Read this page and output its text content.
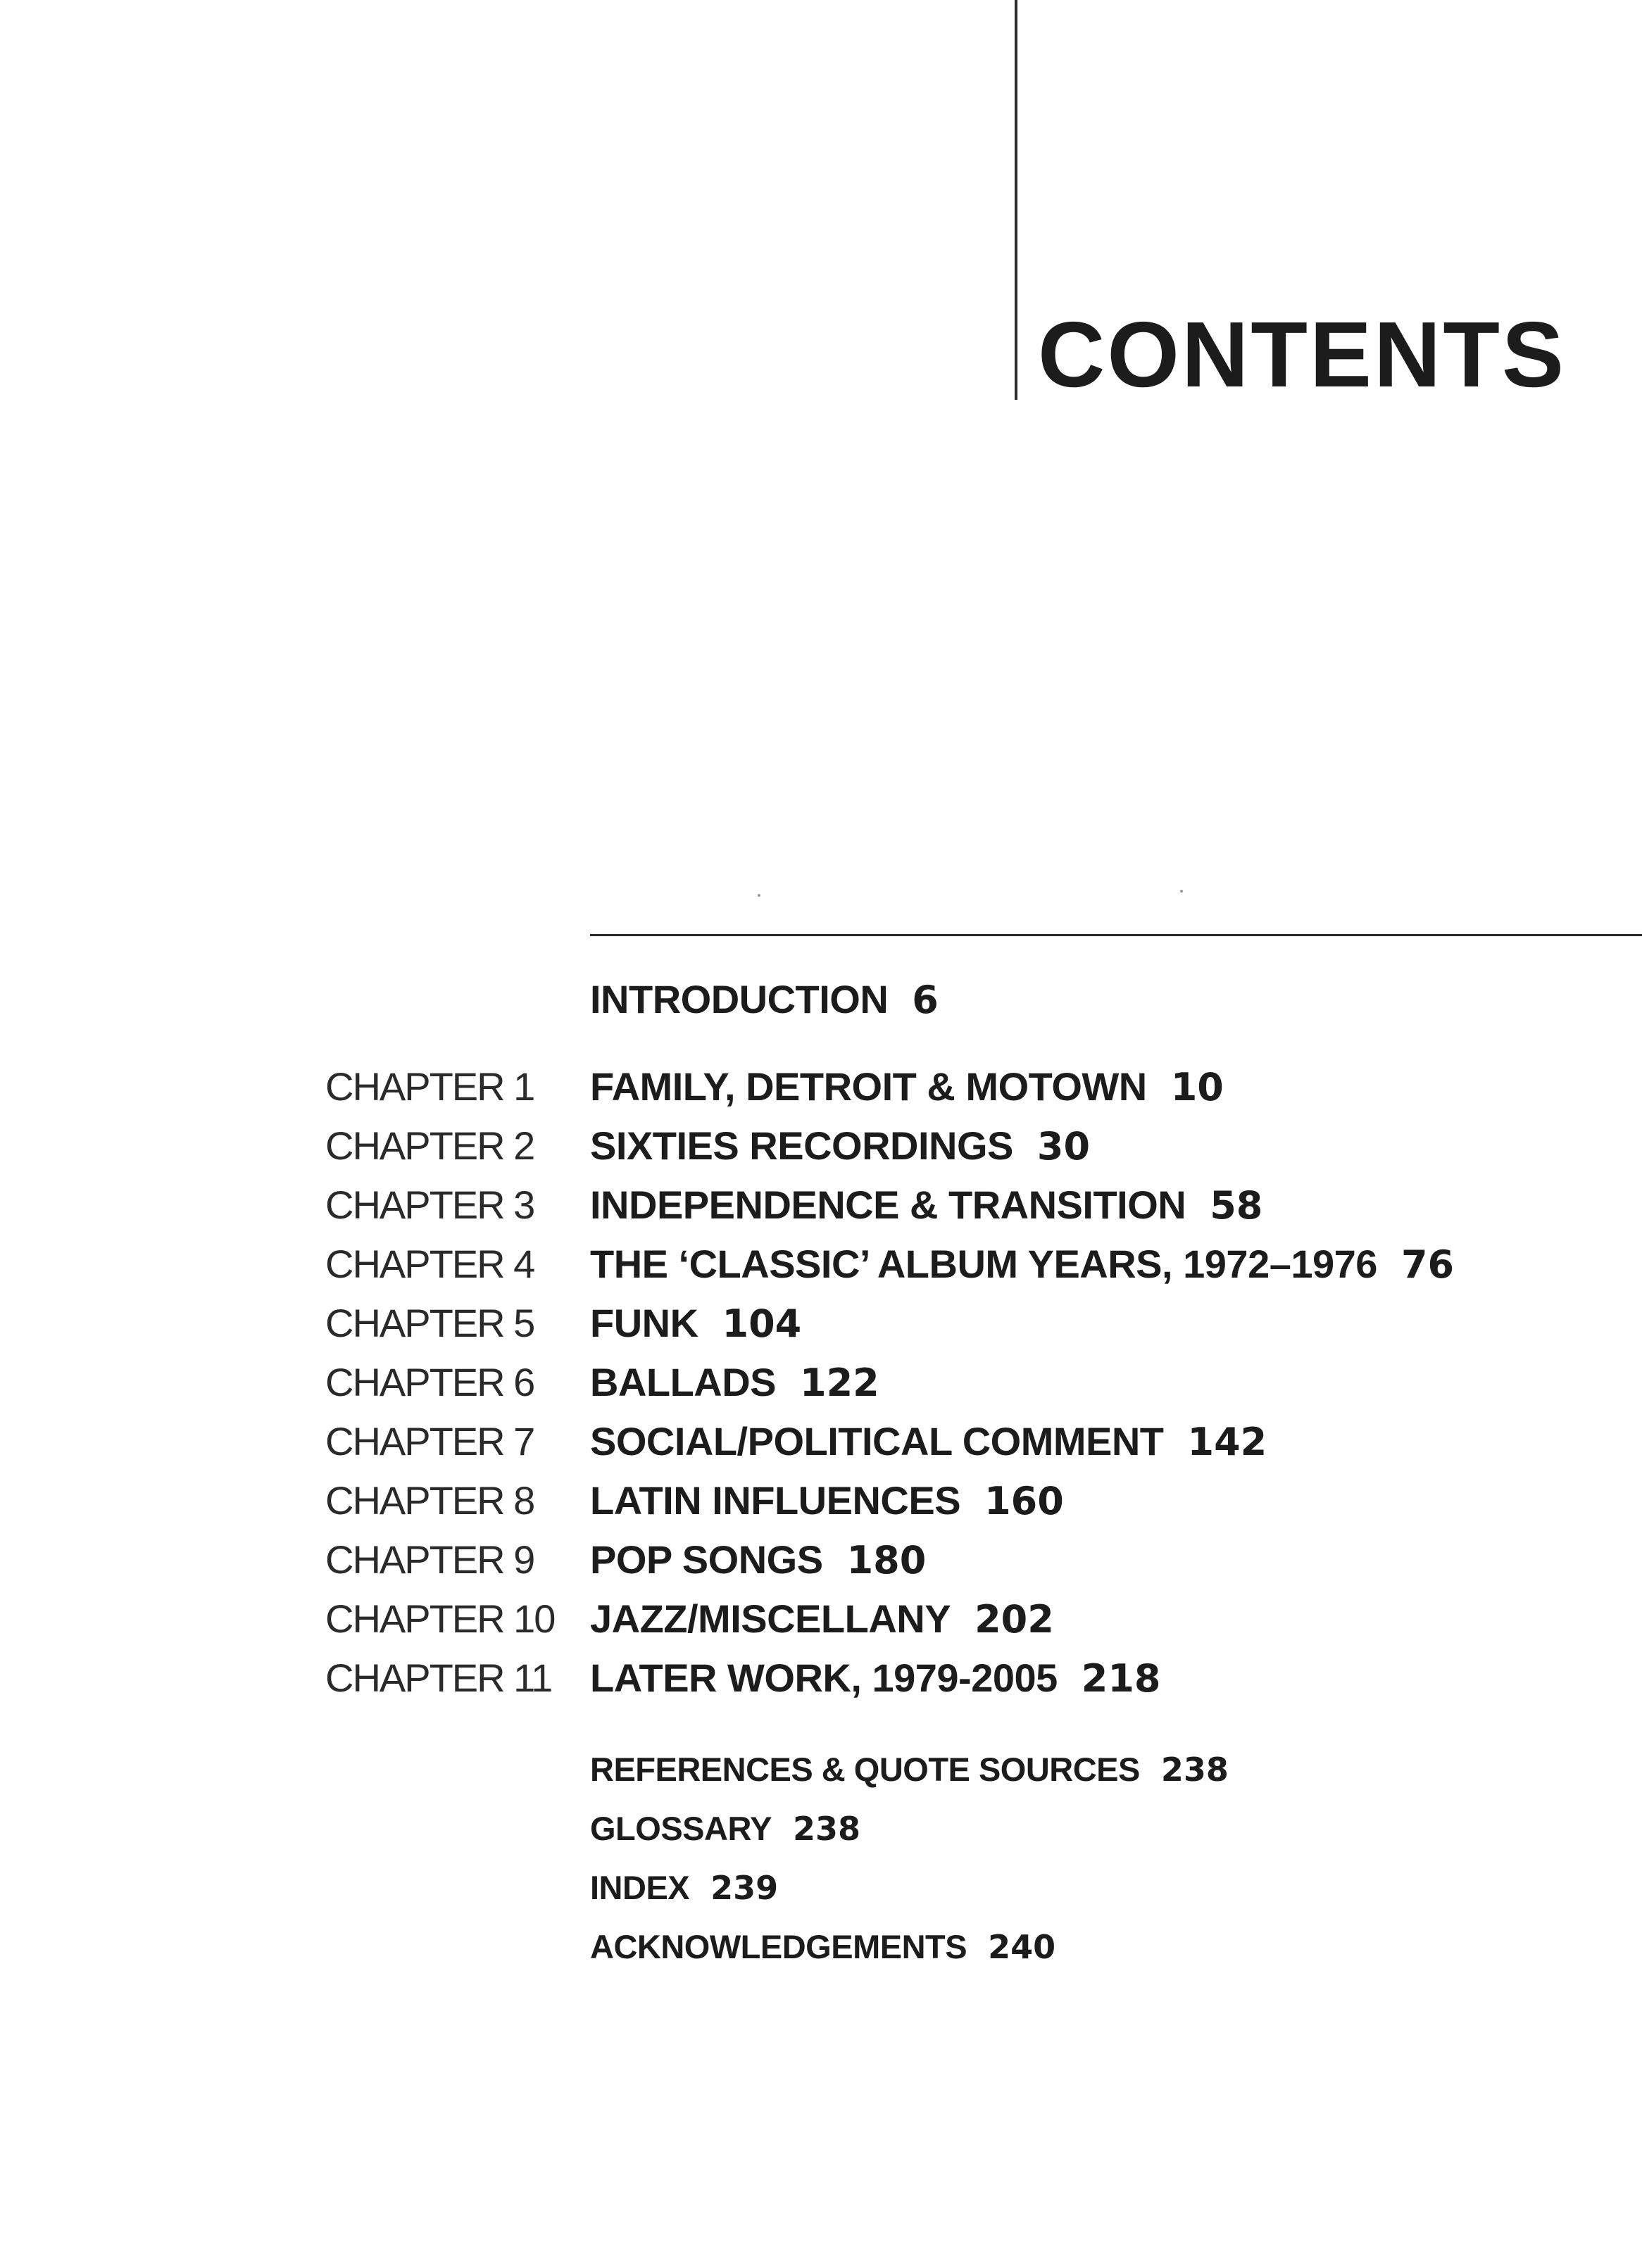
CONTENTS
INTRODUCTION 6
CHAPTER 1 FAMILY, DETROIT & MOTOWN 10
CHAPTER 2 SIXTIES RECORDINGS 30
CHAPTER 3 INDEPENDENCE & TRANSITION 58
CHAPTER 4 THE ‘CLASSIC’ ALBUM YEARS, 1972–1976 76
CHAPTER 5 FUNK 104
CHAPTER 6 BALLADS 122
CHAPTER 7 SOCIAL/POLITICAL COMMENT 142
CHAPTER 8 LATIN INFLUENCES 160
CHAPTER 9 POP SONGS 180
CHAPTER 10 JAZZ/MISCELLANY 202
CHAPTER 11 LATER WORK, 1979-2005 218
REFERENCES & QUOTE SOURCES 238
GLOSSARY 238
INDEX 239
ACKNOWLEDGEMENTS 240
